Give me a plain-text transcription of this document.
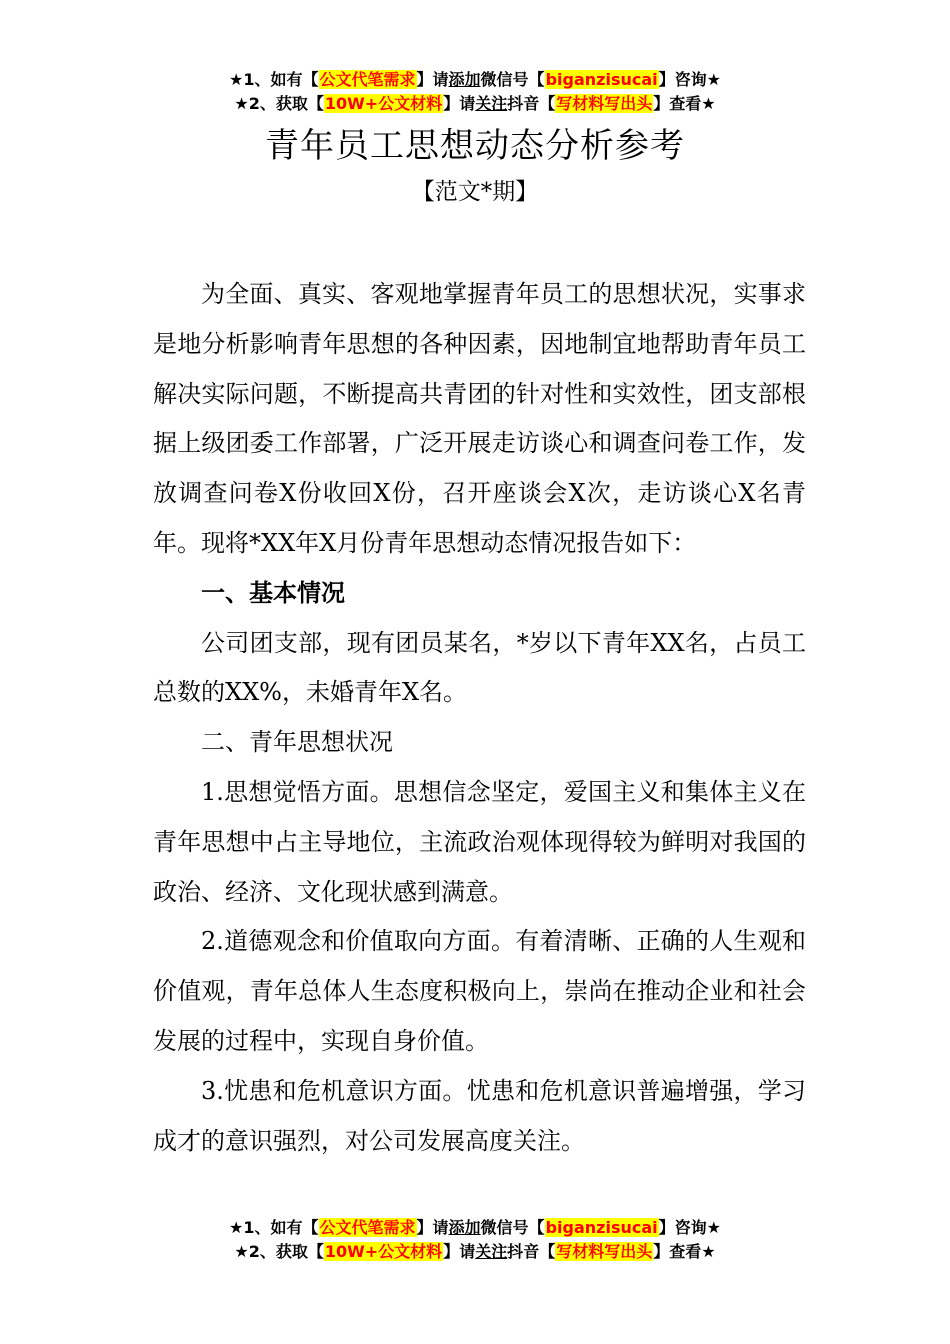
★1、如有【公文代笔需求】请添加微信号【biganzisucai】咨询★
★2、获取【10W+公文材料】请关注抖音【写材料写出头】查看★
青年员工思想动态分析参考
【范文*期】

为全面、真实、客观地掌握青年员工的思想状况，实事求是地分析影响青年思想的各种因素，因地制宜地帮助青年员工解决实际问题，不断提高共青团的针对性和实效性，团支部根据上级团委工作部署，广泛开展走访谈心和调查问卷工作，发放调查问卷X份收回X份，召开座谈会X次，走访谈心X名青年。现将*XX年X月份青年思想动态情况报告如下：

一、基本情况

公司团支部，现有团员某名，*岁以下青年XX名，占员工总数的XX%，未婚青年X名。

二、青年思想状况

1.思想觉悟方面。思想信念坚定，爱国主义和集体主义在青年思想中占主导地位，主流政治观体现得较为鲜明对我国的政治、经济、文化现状感到满意。

2.道德观念和价值取向方面。有着清晰、正确的人生观和价值观，青年总体人生态度积极向上，崇尚在推动企业和社会发展的过程中，实现自身价值。

3.忧患和危机意识方面。忧患和危机意识普遍增强，学习成才的意识强烈，对公司发展高度关注。

★1、如有【公文代笔需求】请添加微信号【biganzisucai】咨询★
★2、获取【10W+公文材料】请关注抖音【写材料写出头】查看★
